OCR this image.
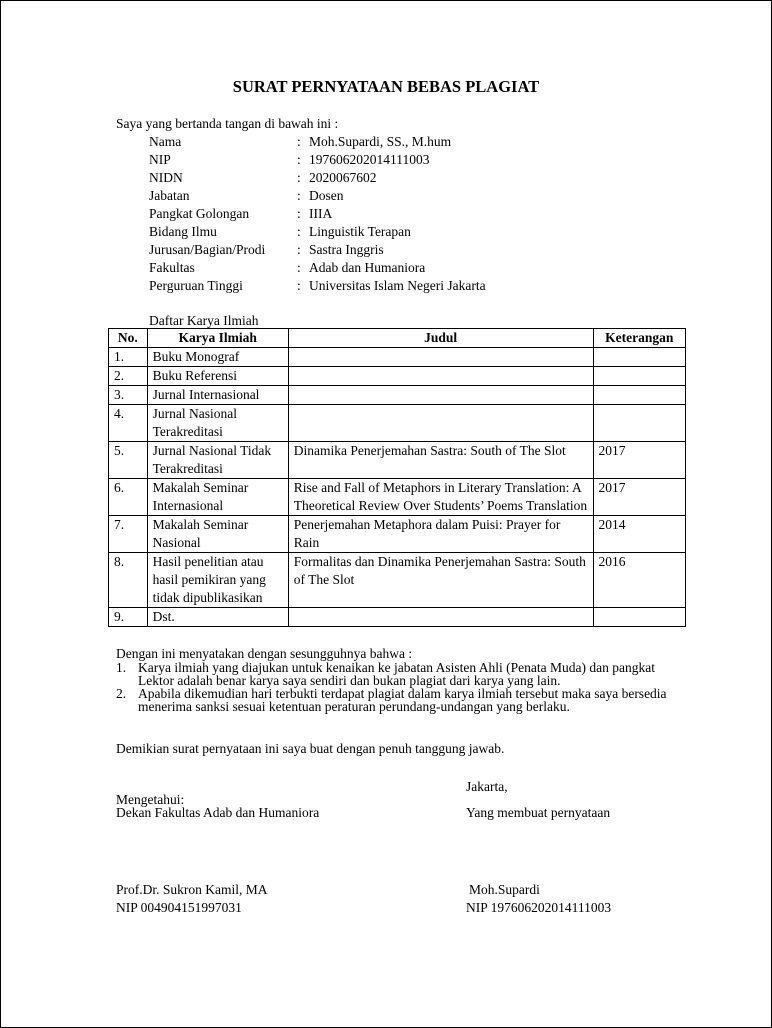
SURAT PERNYATAAN BEBAS PLAGIAT
Saya yang bertanda tangan di bawah ini :
Nama	:	Moh.Supardi, SS., M.hum
NIP	:	197606202014111003
NIDN	:	2020067602
Jabatan	:	Dosen
Pangkat Golongan	:	IIIA
Bidang Ilmu	:	Linguistik Terapan
Jurusan/Bagian/Prodi	:	Sastra Inggris
Fakultas	:	Adab dan Humaniora
Perguruan Tinggi	:	Universitas Islam Negeri Jakarta
Daftar Karya Ilmiah
No.	Karya Ilmiah	Judul	Keterangan
1.	Buku Monograf		
2.	Buku Referensi		
3.	Jurnal Internasional		
4.	Jurnal Nasional Terakreditasi		
5.	Jurnal Nasional Tidak Terakreditasi	Dinamika Penerjemahan Sastra: South of The Slot	2017
6.	Makalah Seminar Internasional	Rise and Fall of Metaphors in Literary Translation: A Theoretical Review Over Students’ Poems Translation	2017
7.	Makalah Seminar Nasional	Penerjemahan Metaphora dalam Puisi: Prayer for Rain	2014
8.	Hasil penelitian atau hasil pemikiran yang tidak dipublikasikan	Formalitas dan Dinamika Penerjemahan Sastra: South of The Slot	2016
9.	Dst.		
Dengan ini menyatakan dengan sesungguhnya bahwa :
1. Karya ilmiah yang diajukan untuk kenaikan ke jabatan Asisten Ahli (Penata Muda) dan pangkat Lektor adalah benar karya saya sendiri dan bukan plagiat dari karya yang lain.
2. Apabila dikemudian hari terbukti terdapat plagiat dalam karya ilmiah tersebut maka saya bersedia menerima sanksi sesuai ketentuan peraturan perundang-undangan yang berlaku.
Demikian surat pernyataan ini saya buat dengan penuh tanggung jawab.
Jakarta,
Mengetahui:
Dekan Fakultas Adab dan Humaniora	Yang membuat pernyataan
Prof.Dr. Sukron Kamil, MA
NIP 004904151997031
Moh.Supardi
NIP 197606202014111003
